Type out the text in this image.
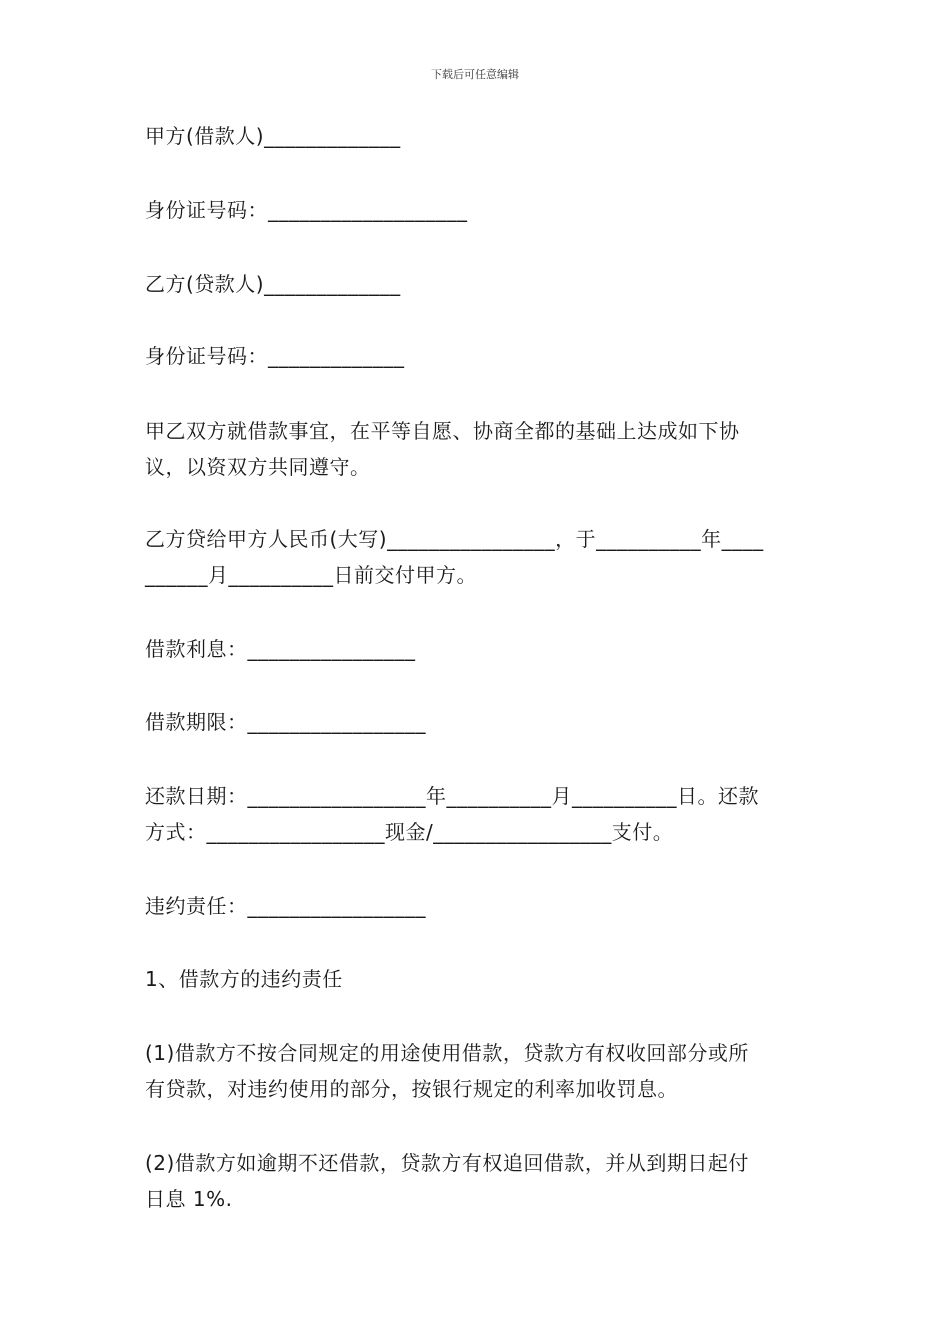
下载后可任意编辑
甲方(借款人)_____________
身份证号码：___________________
乙方(贷款人)_____________
身份证号码：_____________
甲乙双方就借款事宜，在平等自愿、协商全都的基础上达成如下协
议，以资双方共同遵守。
乙方贷给甲方人民币(大写)________________，于__________年____
______月__________日前交付甲方。
借款利息：________________
借款期限：_________________
还款日期：_________________年__________月__________日。还款
方式：_________________现金/_________________支付。
违约责任：_________________
1、借款方的违约责任
(1)借款方不按合同规定的用途使用借款，贷款方有权收回部分或所
有贷款，对违约使用的部分，按银行规定的利率加收罚息。
(2)借款方如逾期不还借款，贷款方有权追回借款，并从到期日起付
日息 1%.
